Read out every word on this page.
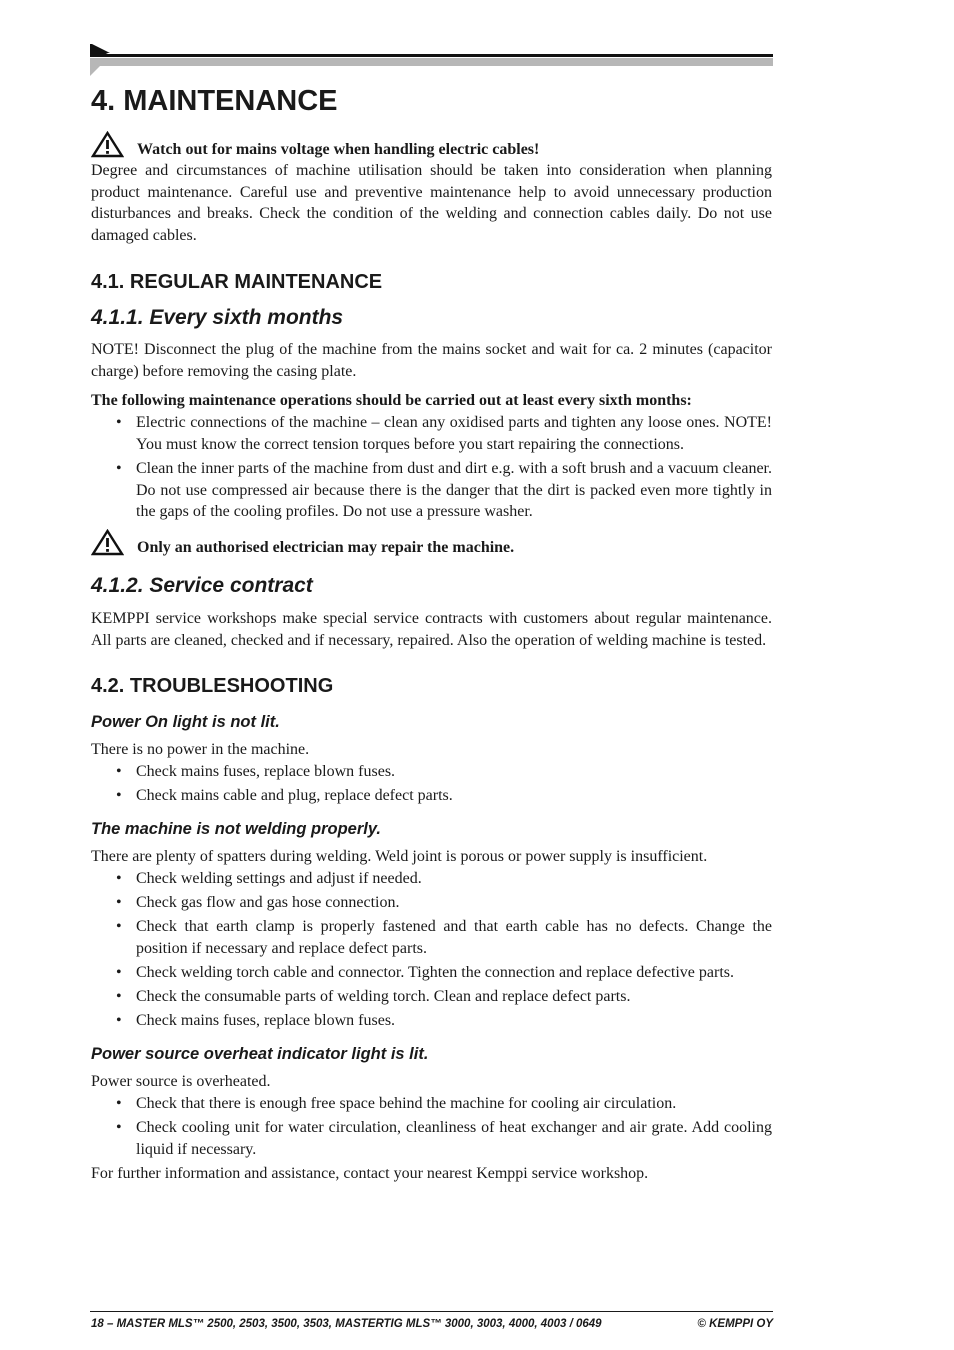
4. MAINTENANCE

Watch out for mains voltage when handling electric cables!

Degree and circumstances of machine utilisation should be taken into consideration when planning product maintenance. Careful use and preventive maintenance help to avoid unnecessary production disturbances and breaks. Check the condition of the welding and connection cables daily. Do not use damaged cables.

4.1. REGULAR MAINTENANCE
4.1.1. Every sixth months

NOTE! Disconnect the plug of the machine from the mains socket and wait for ca. 2 minutes (capacitor charge) before removing the casing plate.

The following maintenance operations should be carried out at least every sixth months:

• Electric connections of the machine – clean any oxidised parts and tighten any loose ones. NOTE! You must know the correct tension torques before you start repairing the connections.
• Clean the inner parts of the machine from dust and dirt e.g. with a soft brush and a vacuum cleaner. Do not use compressed air because there is the danger that the dirt is packed even more tightly in the gaps of the cooling profiles. Do not use a pressure washer.

Only an authorised electrician may repair the machine.

4.1.2. Service contract

KEMPPI service workshops make special service contracts with customers about regular maintenance. All parts are cleaned, checked and if necessary, repaired. Also the operation of welding machine is tested.

4.2. TROUBLESHOOTING
Power On light is not lit.

There is no power in the machine.

• Check mains fuses, replace blown fuses.
• Check mains cable and plug, replace defect parts.
The machine is not welding properly.

There are plenty of spatters during welding. Weld joint is porous or power supply is insufficient.

• Check welding settings and adjust if needed.
• Check gas flow and gas hose connection.
• Check that earth clamp is properly fastened and that earth cable has no defects. Change the position if necessary and replace defect parts.
• Check welding torch cable and connector. Tighten the connection and replace defective parts.
• Check the consumable parts of welding torch. Clean and replace defect parts.
• Check mains fuses, replace blown fuses.
Power source overheat indicator light is lit.

Power source is overheated.

• Check that there is enough free space behind the machine for cooling air circulation.
• Check cooling unit for water circulation, cleanliness of heat exchanger and air grate. Add cooling liquid if necessary.

For further information and assistance, contact your nearest Kemppi service workshop.

18 – MASTER MLS™ 2500, 2503, 3500, 3503, MASTERTIG MLS™ 3000, 3003, 4000, 4003 / 0649	© KEMPPI OY
